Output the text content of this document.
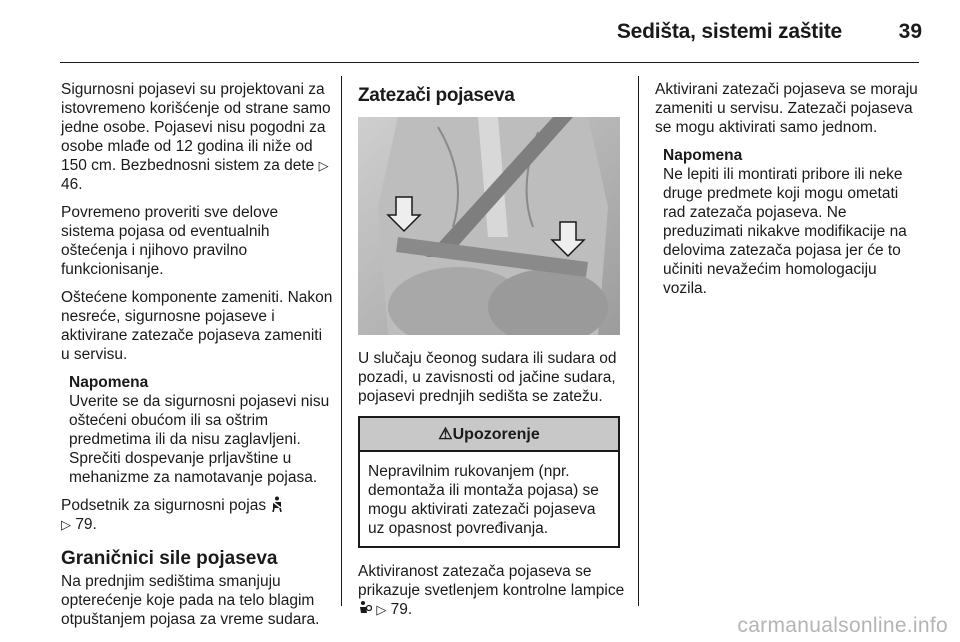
Sedišta, sistemi zaštite	39

Sigurnosni pojasevi su projektovani za istovremeno korišćenje od strane samo jedne osobe. Pojasevi nisu pogodni za osobe mlađe od 12 godina ili niže od 150 cm. Bezbednosni sistem za dete ▷ 46.

Povremeno proveriti sve delove sistema pojasa od eventualnih oštećenja i njihovo pravilno funkcionisanje.

Oštećene komponente zameniti. Nakon nesreće, sigurnosne pojaseve i aktivirane zatezače pojaseva zameniti u servisu.

Napomena
Uverite se da sigurnosni pojasevi nisu oštećeni obućom ili sa oštrim predmetima ili da nisu zaglavljeni. Sprečiti dospevanje prljavštine u mehanizme za namotavanje pojasa.

Podsetnik za sigurnosni pojas
▷ 79.

Graničnici sile pojaseva

Na prednjim sedištima smanjuju opterećenje koje pada na telo blagim otpuštanjem pojasa za vreme sudara.

Zatezači pojaseva

U slučaju čeonog sudara ili sudara od pozadi, u zavisnosti od jačine sudara, pojasevi prednjih sedišta se zatežu.

⚠Upozorenje
Nepravilnim rukovanjem (npr. demontaža ili montaža pojasa) se mogu aktivirati zatezači pojaseva uz opasnost povređivanja.

Aktiviranost zatezača pojaseva se prikazuje svetlenjem kontrolne lampice  ▷ 79.

Aktivirani zatezači pojaseva se moraju zameniti u servisu. Zatezači pojaseva se mogu aktivirati samo jednom.

Napomena
Ne lepiti ili montirati pribore ili neke druge predmete koji mogu ometati rad zatezača pojaseva. Ne preduzimati nikakve modifikacije na delovima zatezača pojasa jer će to učiniti nevažećim homologaciju vozila.
carmanualsonline.info
